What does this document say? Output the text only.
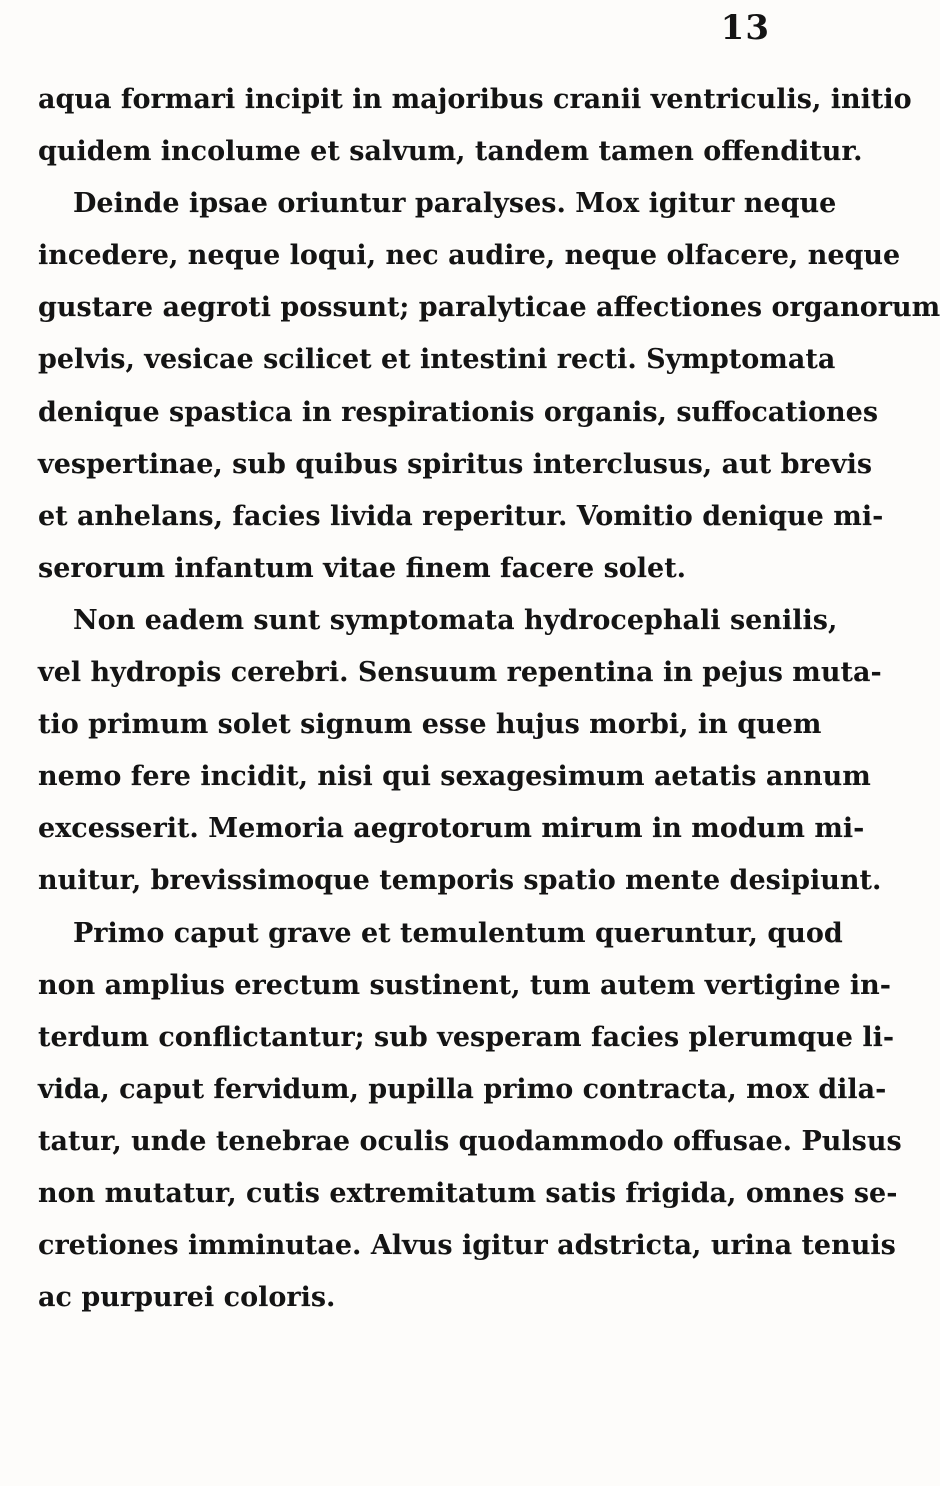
13
aqua formari incipit in majoribus cranii ventriculis, initio
quidem incolume et salvum, tandem tamen offenditur.
Deinde ipsae oriuntur paralyses. Mox igitur neque
incedere, neque loqui, nec audire, neque olfacere, neque
gustare aegroti possunt; paralyticae affectiones organorum
pelvis, vesicae scilicet et intestini recti. Symptomata
denique spastica in respirationis organis, suffocationes
vespertinae, sub quibus spiritus interclusus, aut brevis
et anhelans, facies livida reperitur. Vomitio denique mi-
serorum infantum vitae finem facere solet.
Non eadem sunt symptomata hydrocephali senilis,
vel hydropis cerebri. Sensuum repentina in pejus muta-
tio primum solet signum esse hujus morbi, in quem
nemo fere incidit, nisi qui sexagesimum aetatis annum
excesserit. Memoria aegrotorum mirum in modum mi-
nuitur, brevissimoque temporis spatio mente desipiunt.
Primo caput grave et temulentum queruntur, quod
non amplius erectum sustinent, tum autem vertigine in-
terdum conflictantur; sub vesperam facies plerumque li-
vida, caput fervidum, pupilla primo contracta, mox dila-
tatur, unde tenebrae oculis quodammodo offusae. Pulsus
non mutatur, cutis extremitatum satis frigida, omnes se-
cretiones imminutae. Alvus igitur adstricta, urina tenuis
ac purpurei coloris.
